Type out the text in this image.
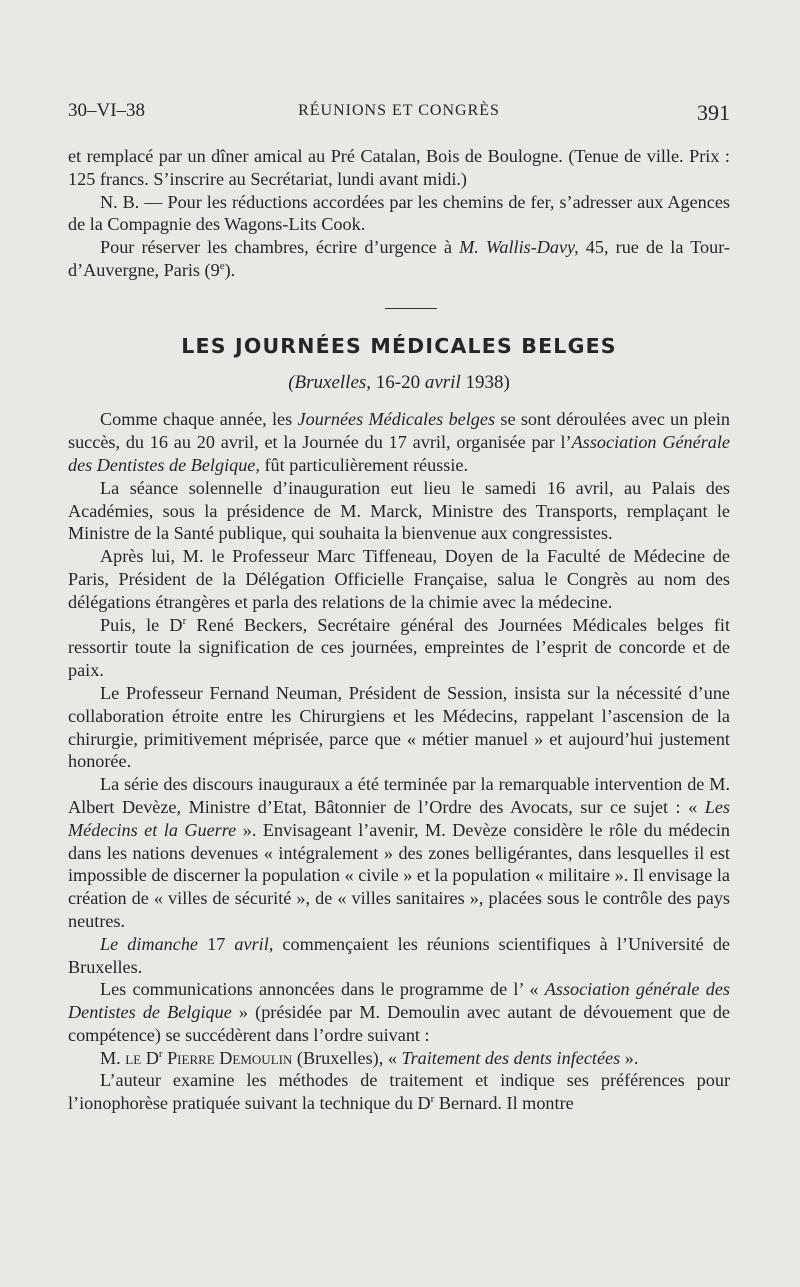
30–VI–38	RÉUNIONS ET CONGRÈS	391

et remplacé par un dîner amical au Pré Catalan, Bois de Boulogne. (Tenue de ville. Prix : 125 francs. S’inscrire au Secrétariat, lundi avant midi.)

N. B. — Pour les réductions accordées par les chemins de fer, s’adresser aux Agences de la Compagnie des Wagons-Lits Cook.

Pour réserver les chambres, écrire d’urgence à M. Wallis-Davy, 45, rue de la Tour-d’Auvergne, Paris (9e).

LES JOURNÉES MÉDICALES BELGES
(Bruxelles, 16-20 avril 1938)

Comme chaque année, les Journées Médicales belges se sont déroulées avec un plein succès, du 16 au 20 avril, et la Journée du 17 avril, organisée par l’Association Générale des Dentistes de Belgique, fût particulièrement réussie.

La séance solennelle d’inauguration eut lieu le samedi 16 avril, au Palais des Académies, sous la présidence de M. Marck, Ministre des Transports, remplaçant le Ministre de la Santé publique, qui souhaita la bienvenue aux congressistes.

Après lui, M. le Professeur Marc Tiffeneau, Doyen de la Faculté de Médecine de Paris, Président de la Délégation Officielle Française, salua le Congrès au nom des délégations étrangères et parla des relations de la chimie avec la médecine.

Puis, le $D^r$ René Beckers, Secrétaire général des Journées Médicales belges fit ressortir toute la signification de ces journées, empreintes de l’esprit de concorde et de paix.

Le Professeur Fernand Neuman, Président de Session, insista sur la nécessité d’une collaboration étroite entre les Chirurgiens et les Médecins, rappelant l’ascension de la chirurgie, primitivement méprisée, parce que « métier manuel » et aujourd’hui justement honorée.

La série des discours inauguraux a été terminée par la remarquable intervention de M. Albert Devèze, Ministre d’Etat, Bâtonnier de l’Ordre des Avocats, sur ce sujet : « Les Médecins et la Guerre ». Envisageant l’avenir, M. Devèze considère le rôle du médecin dans les nations devenues « intégralement » des zones belligérantes, dans lesquelles il est impossible de discerner la population « civile » et la population « militaire ». Il envisage la création de « villes de sécurité », de « villes sanitaires », placées sous le contrôle des pays neutres.

Le dimanche 17 avril, commençaient les réunions scientifiques à l’Université de Bruxelles.

Les communications annoncées dans le programme de l’ « Association générale des Dentistes de Belgique » (présidée par M. Demoulin avec autant de dévouement que de compétence) se succédèrent dans l’ordre suivant :

M. le $D^r$ Pierre Demoulin (Bruxelles), « Traitement des dents infectées ».

L’auteur examine les méthodes de traitement et indique ses préférences pour l’ionophorèse pratiquée suivant la technique du $D^r$ Bernard. Il montre
